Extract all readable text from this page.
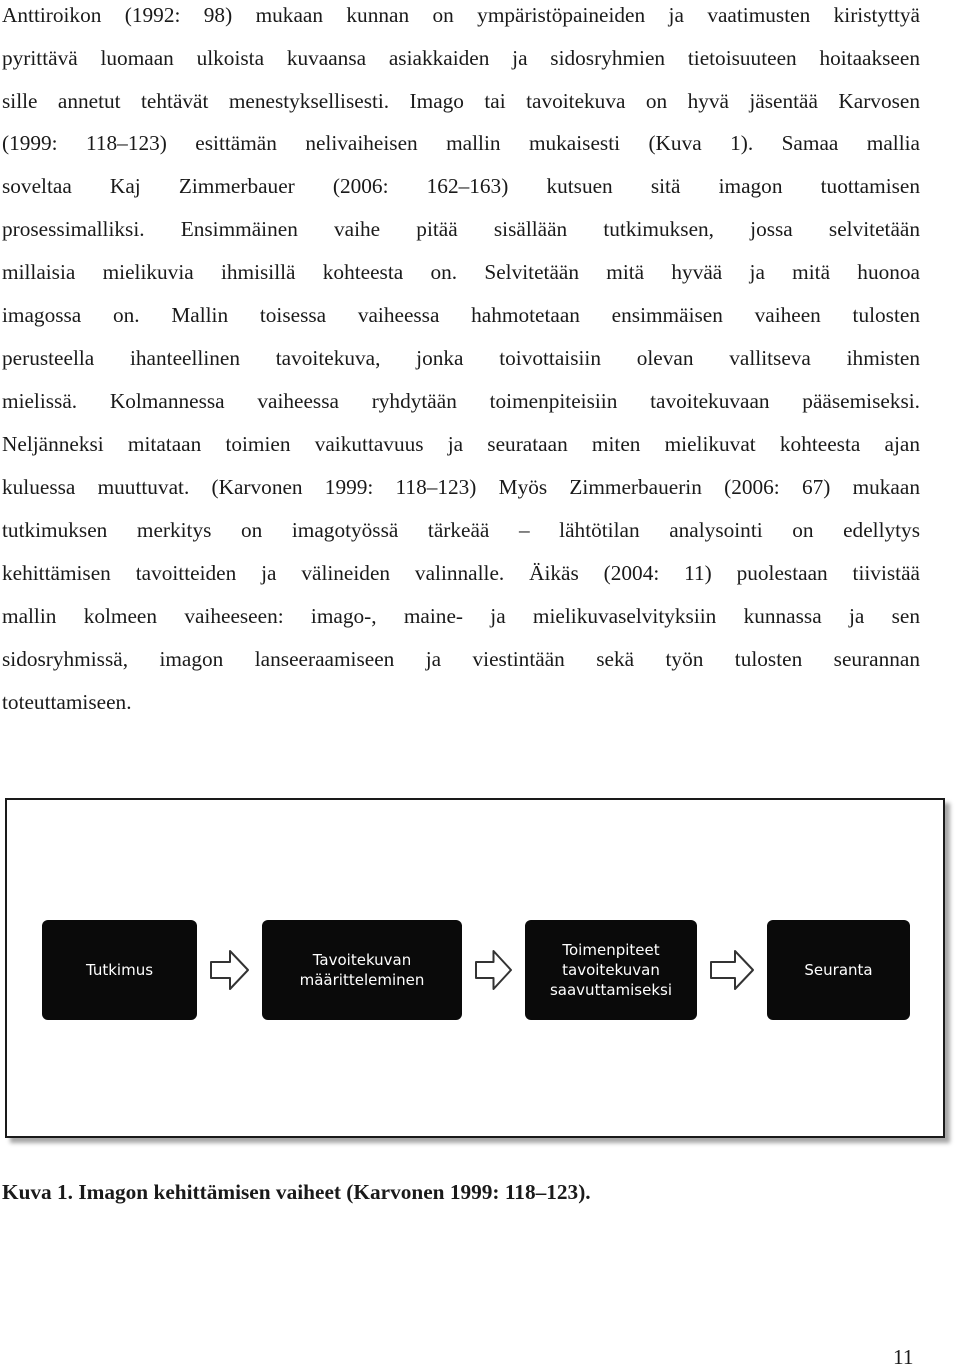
Anttiroikon (1992: 98) mukaan kunnan on ympäristöpaineiden ja vaatimusten kiristyttyä
pyrittävä luomaan ulkoista kuvaansa asiakkaiden ja sidosryhmien tietoisuuteen hoitaakseen
sille annetut tehtävät menestyksellisesti. Imago tai tavoitekuva on hyvä jäsentää Karvosen
(1999: 118–123) esittämän nelivaiheisen mallin mukaisesti (Kuva 1). Samaa mallia
soveltaa Kaj Zimmerbauer (2006: 162–163) kutsuen sitä imagon tuottamisen
prosessimalliksi. Ensimmäinen vaihe pitää sisällään tutkimuksen, jossa selvitetään
millaisia mielikuvia ihmisillä kohteesta on. Selvitetään mitä hyvää ja mitä huonoa
imagossa on. Mallin toisessa vaiheessa hahmotetaan ensimmäisen vaiheen tulosten
perusteella ihanteellinen tavoitekuva, jonka toivottaisiin olevan vallitseva ihmisten
mielissä. Kolmannessa vaiheessa ryhdytään toimenpiteisiin tavoitekuvaan pääsemiseksi.
Neljänneksi mitataan toimien vaikuttavuus ja seurataan miten mielikuvat kohteesta ajan
kuluessa muuttuvat. (Karvonen 1999: 118–123) Myös Zimmerbauerin (2006: 67) mukaan
tutkimuksen merkitys on imagotyössä tärkeää – lähtötilan analysointi on edellytys
kehittämisen tavoitteiden ja välineiden valinnalle. Äikäs (2004: 11) puolestaan tiivistää
mallin kolmeen vaiheeseen: imago-, maine- ja mielikuvaselvityksiin kunnassa ja sen
sidosryhmissä, imagon lanseeraamiseen ja viestintään sekä työn tulosten seurannan
toteuttamiseen.
Tutkimus
Tavoitekuvan
määritteleminen
Toimenpiteet
tavoitekuvan
saavuttamiseksi
Seuranta
Kuva 1. Imagon kehittämisen vaiheet (Karvonen 1999: 118–123).
11
